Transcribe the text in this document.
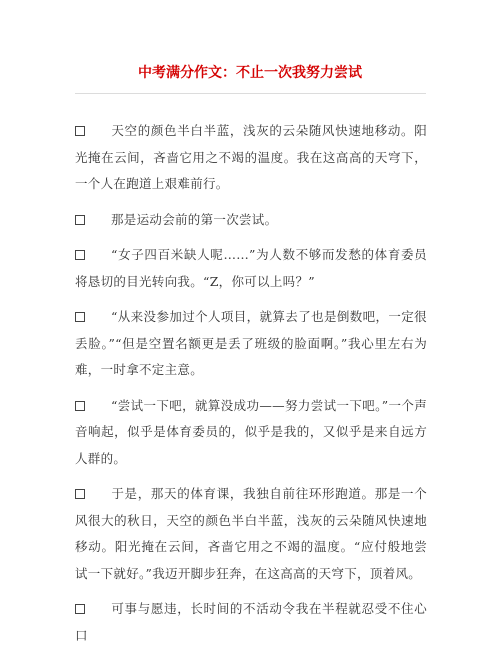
中考满分作文：不止一次我努力尝试

天空的颜色半白半蓝，浅灰的云朵随风快速地移动。阳光掩在云间，吝啬它用之不竭的温度。我在这高高的天穹下，一个人在跑道上艰难前行。

那是运动会前的第一次尝试。

“女子四百米缺人呢……”为人数不够而发愁的体育委员将恳切的目光转向我。“Z，你可以上吗？”

“从来没参加过个人项目，就算去了也是倒数吧，一定很丢脸。”“但是空置名额更是丢了班级的脸面啊。”我心里左右为难，一时拿不定主意。

“尝试一下吧，就算没成功——努力尝试一下吧。”一个声音响起，似乎是体育委员的，似乎是我的，又似乎是来自远方人群的。

于是，那天的体育课，我独自前往环形跑道。那是一个风很大的秋日，天空的颜色半白半蓝，浅灰的云朵随风快速地移动。阳光掩在云间，吝啬它用之不竭的温度。“应付般地尝试一下就好。”我迈开脚步狂奔，在这高高的天穹下，顶着风。

可事与愿违，长时间的不活动令我在半程就忍受不住心口
